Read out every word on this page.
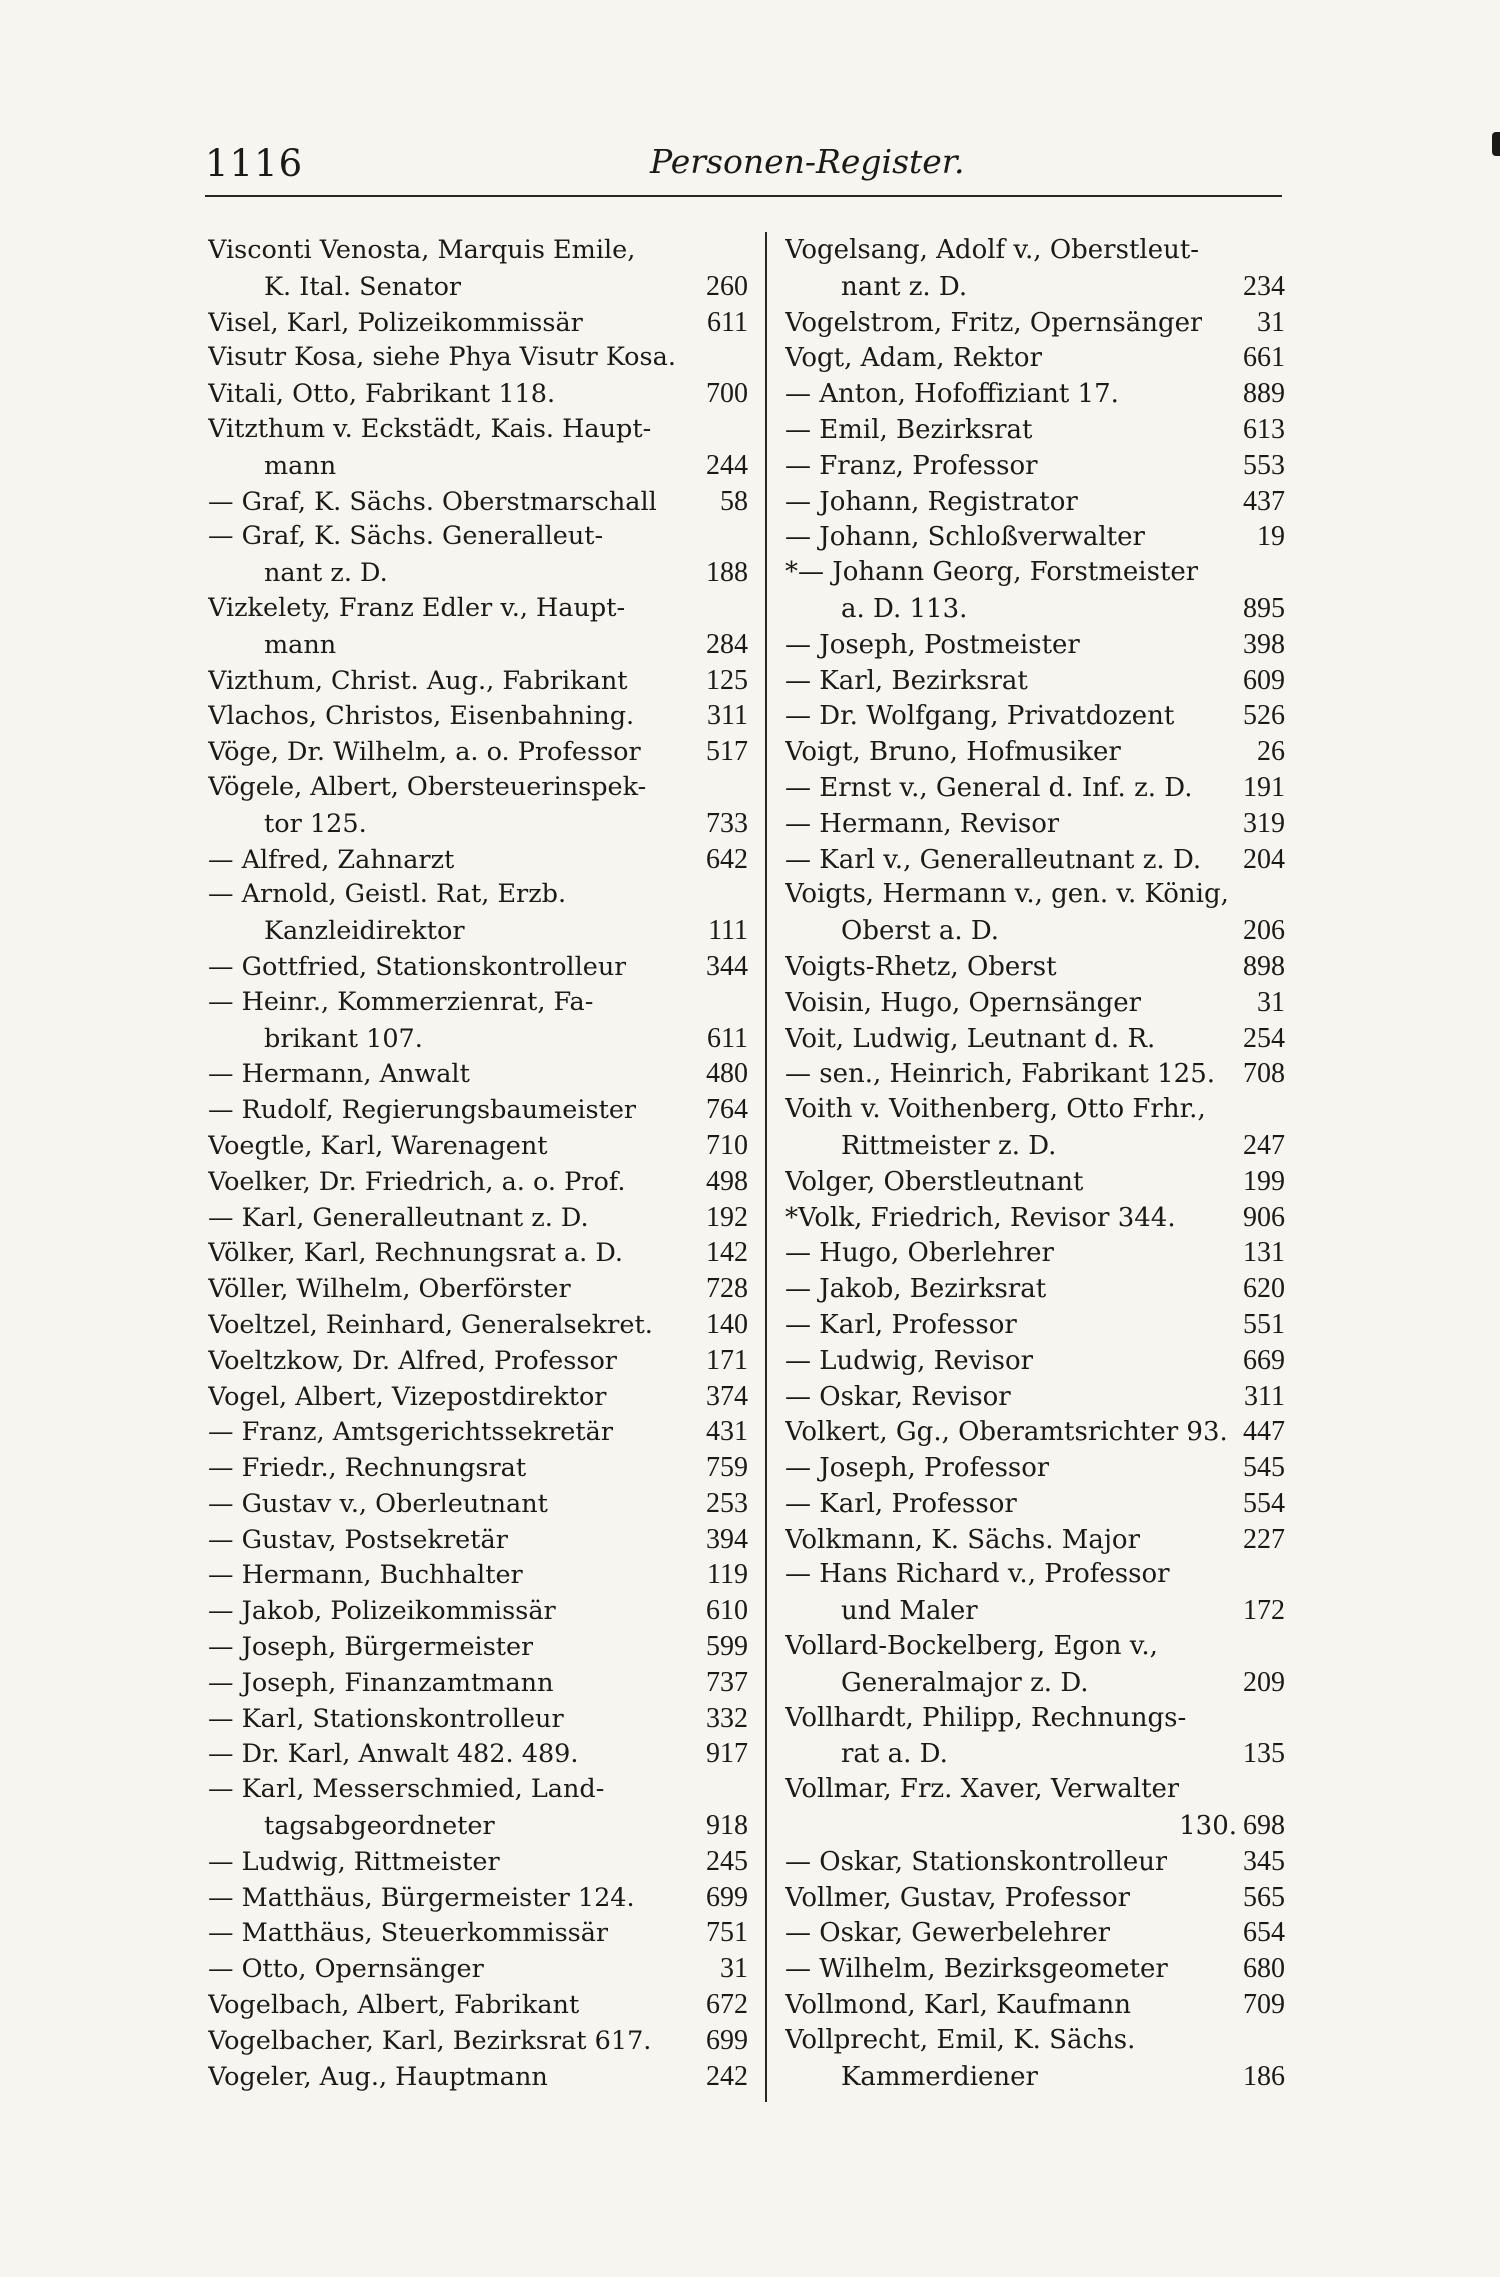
1116	Personen-Register.
Visconti Venosta, Marquis Emile,
K. Ital. Senator	260
Visel, Karl, Polizeikommissär	611
Visutr Kosa, siehe Phya Visutr Kosa.
Vitali, Otto, Fabrikant 118.	700
Vitzthum v. Eckstädt, Kais. Haupt-
mann	244
— Graf, K. Sächs. Oberstmarschall 58
— Graf, K. Sächs. Generalleut-
nant z. D.	188
Vizkelety, Franz Edler v., Haupt-
mann	284
Vizthum, Christ. Aug., Fabrikant	125
Vlachos, Christos, Eisenbahning.	311
Vöge, Dr. Wilhelm, a. o. Professor 517
Vögele, Albert, Obersteuerinspek-
tor 125.	733
— Alfred, Zahnarzt	642
— Arnold, Geistl. Rat, Erzb.
Kanzleidirektor	111
— Gottfried, Stationskontrolleur	344
— Heinr., Kommerzienrat, Fa-
brikant 107.	611
— Hermann, Anwalt	480
— Rudolf, Regierungsbaumeister 764
Voegtle, Karl, Warenagent	710
Voelker, Dr. Friedrich, a. o. Prof.	498
— Karl, Generalleutnant z. D.	192
Völker, Karl, Rechnungsrat a. D.	142
Völler, Wilhelm, Oberförster	728
Voeltzel, Reinhard, Generalsekret. 140
Voeltzkow, Dr. Alfred, Professor	171
Vogel, Albert, Vizepostdirektor	374
— Franz, Amtsgerichtssekretär	431
— Friedr., Rechnungsrat	759
— Gustav v., Oberleutnant	253
— Gustav, Postsekretär	394
— Hermann, Buchhalter	119
— Jakob, Polizeikommissär	610
— Joseph, Bürgermeister	599
— Joseph, Finanzamtmann	737
— Karl, Stationskontrolleur	332
— Dr. Karl, Anwalt 482. 489.	917
— Karl, Messerschmied, Land-
tagsabgeordneter	918
— Ludwig, Rittmeister	245
— Matthäus, Bürgermeister 124.	699
— Matthäus, Steuerkommissär	751
— Otto, Opernsänger	31
Vogelbach, Albert, Fabrikant	672
Vogelbacher, Karl, Bezirksrat 617. 699
Vogeler, Aug., Hauptmann	242
Vogelsang, Adolf v., Oberstleut-
nant z. D.	234
Vogelstrom, Fritz, Opernsänger 31
Vogt, Adam, Rektor	661
— Anton, Hofoffiziant 17.	889
— Emil, Bezirksrat	613
— Franz, Professor	553
— Johann, Registrator	437
— Johann, Schloßverwalter	19
*— Johann Georg, Forstmeister
a. D. 113.	895
— Joseph, Postmeister	398
— Karl, Bezirksrat	609
— Dr. Wolfgang, Privatdozent 526
Voigt, Bruno, Hofmusiker	26
— Ernst v., General d. Inf. z. D. 191
— Hermann, Revisor	319
— Karl v., Generalleutnant z. D. 204
Voigts, Hermann v., gen. v. König,
Oberst a. D.	206
Voigts-Rhetz, Oberst	898
Voisin, Hugo, Opernsänger	31
Voit, Ludwig, Leutnant d. R.	254
— sen., Heinrich, Fabrikant 125. 708
Voith v. Voithenberg, Otto Frhr.,
Rittmeister z. D.	247
Volger, Oberstleutnant	199
*Volk, Friedrich, Revisor 344. 906
— Hugo, Oberlehrer	131
— Jakob, Bezirksrat	620
— Karl, Professor	551
— Ludwig, Revisor	669
— Oskar, Revisor	311
Volkert, Gg., Oberamtsrichter 93. 447
— Joseph, Professor	545
— Karl, Professor	554
Volkmann, K. Sächs. Major	227
— Hans Richard v., Professor
und Maler	172
Vollard-Bockelberg, Egon v.,
Generalmajor z. D.	209
Vollhardt, Philipp, Rechnungs-
rat a. D.	135
Vollmar, Frz. Xaver, Verwalter
130. 698
— Oskar, Stationskontrolleur	345
Vollmer, Gustav, Professor	565
— Oskar, Gewerbelehrer	654
— Wilhelm, Bezirksgeometer	680
Vollmond, Karl, Kaufmann	709
Vollprecht, Emil, K. Sächs.
Kammerdiener	186
